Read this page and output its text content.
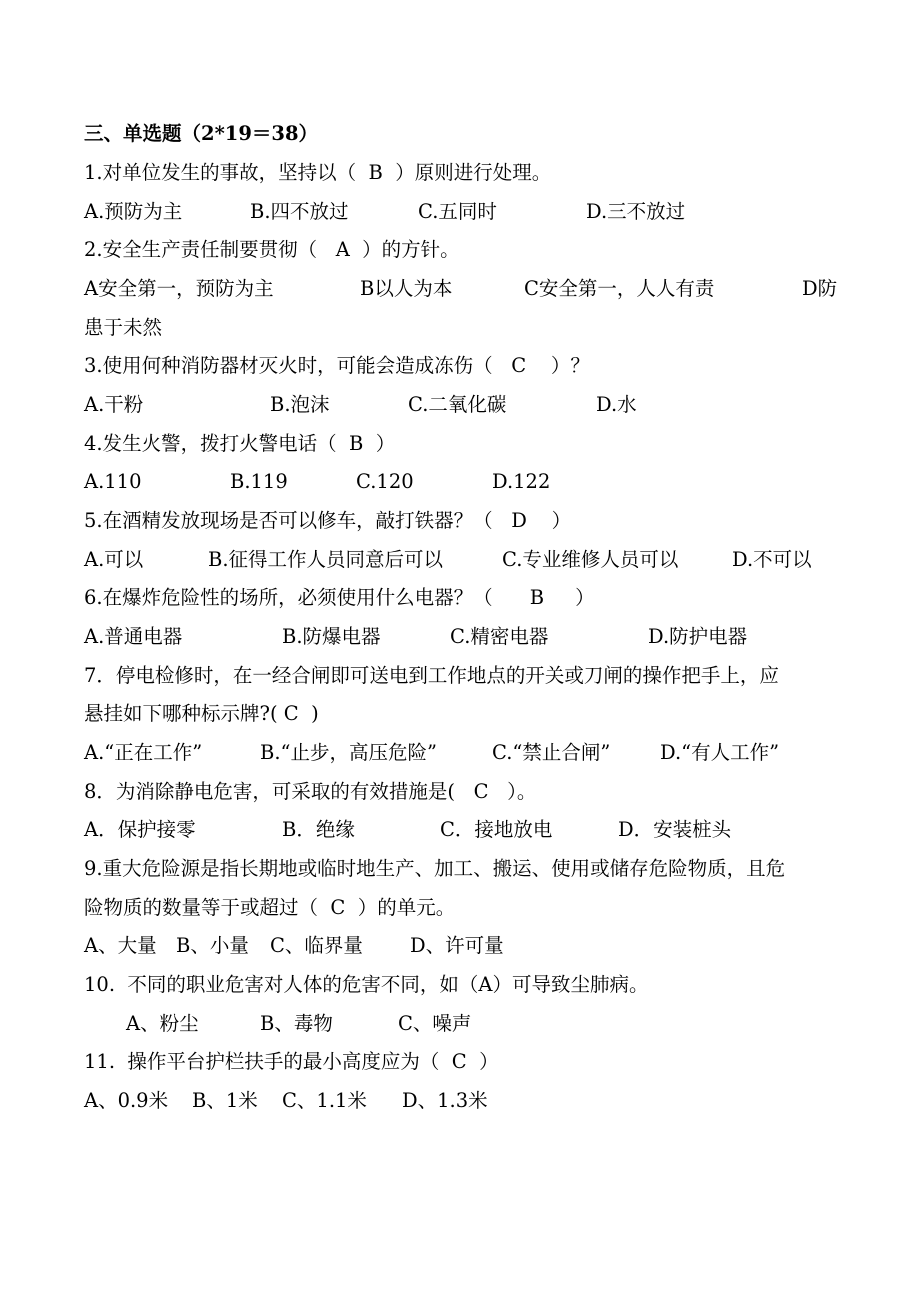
三、单选题（2*19＝38）
1.对单位发生的事故，坚持以（  B  ）原则进行处理。

A.预防为主

	B.四不放过

	C.五同时

	D.三不放过

2.安全生产责任制要贯彻（   A  ）的方针。

A安全第一，预防为主

	B以人为本

	C安全第一，人人有责

	D防

患于未然
3.使用何种消防器材灭火时，可能会造成冻伤（   C    ）？

A.干粉

	B.泡沫

	C.二氧化碳

	D.水

4.发生火警，拨打火警电话（  B  ）

A.110

	B.119

	C.120

	D.122

5.在酒精发放现场是否可以修车，敲打铁器？（   D    ）

A.可以

	B.征得工作人员同意后可以

	C.专业维修人员可以

	D.不可以

6.在爆炸危险性的场所，必须使用什么电器？（      B     ）

A.普通电器

	B.防爆电器

	C.精密电器

	D.防护电器

7．停电检修时，在一经合闸即可送电到工作地点的开关或刀闸的操作把手上，应
悬挂如下哪种标示牌?( C  )

A.“正在工作”

	B.“止步，高压危险”

	C.“禁止合闸”

	D.“有人工作”

8．为消除静电危害，可采取的有效措施是(   C   ）。

A．保护接零

	B．绝缘

	C．接地放电

	D．安装桩头

9.重大危险源是指长期地或临时地生产、加工、搬运、使用或储存危险物质，且危
险物质的数量等于或超过（  C  ）的单元。

A、大量

B、小量

C、临界量

D、许可量

10.  不同的职业危害对人体的危害不同，如（A）可导致尘肺病。

A、粉尘

	B、毒物

	C、噪声

11.  操作平台护栏扶手的最小高度应为（  C  ）

A、0.9米

B、1米

C、1.1米

D、1.3米
